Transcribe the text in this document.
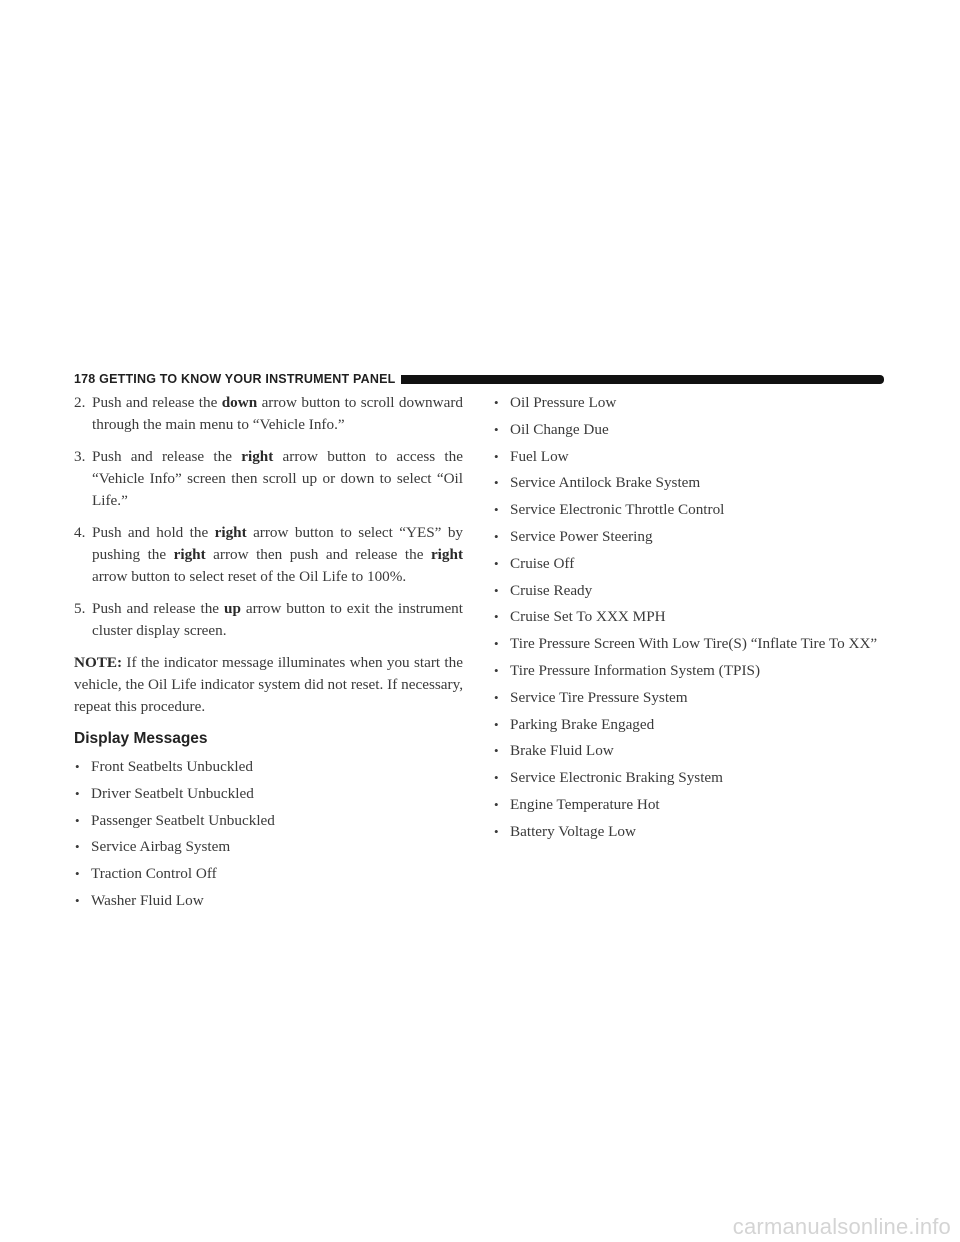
178 GETTING TO KNOW YOUR INSTRUMENT PANEL
2. Push and release the down arrow button to scroll downward through the main menu to “Vehicle Info.”
3. Push and release the right arrow button to access the “Vehicle Info” screen then scroll up or down to select “Oil Life.”
4. Push and hold the right arrow button to select “YES” by pushing the right arrow then push and release the right arrow button to select reset of the Oil Life to 100%.
5. Push and release the up arrow button to exit the instrument cluster display screen.
NOTE: If the indicator message illuminates when you start the vehicle, the Oil Life indicator system did not reset. If necessary, repeat this procedure.
Display Messages
• Front Seatbelts Unbuckled
• Driver Seatbelt Unbuckled
• Passenger Seatbelt Unbuckled
• Service Airbag System
• Traction Control Off
• Washer Fluid Low
• Oil Pressure Low
• Oil Change Due
• Fuel Low
• Service Antilock Brake System
• Service Electronic Throttle Control
• Service Power Steering
• Cruise Off
• Cruise Ready
• Cruise Set To XXX MPH
• Tire Pressure Screen With Low Tire(S) “Inflate Tire To XX”
• Tire Pressure Information System (TPIS)
• Service Tire Pressure System
• Parking Brake Engaged
• Brake Fluid Low
• Service Electronic Braking System
• Engine Temperature Hot
• Battery Voltage Low
carmanualsonline.info
